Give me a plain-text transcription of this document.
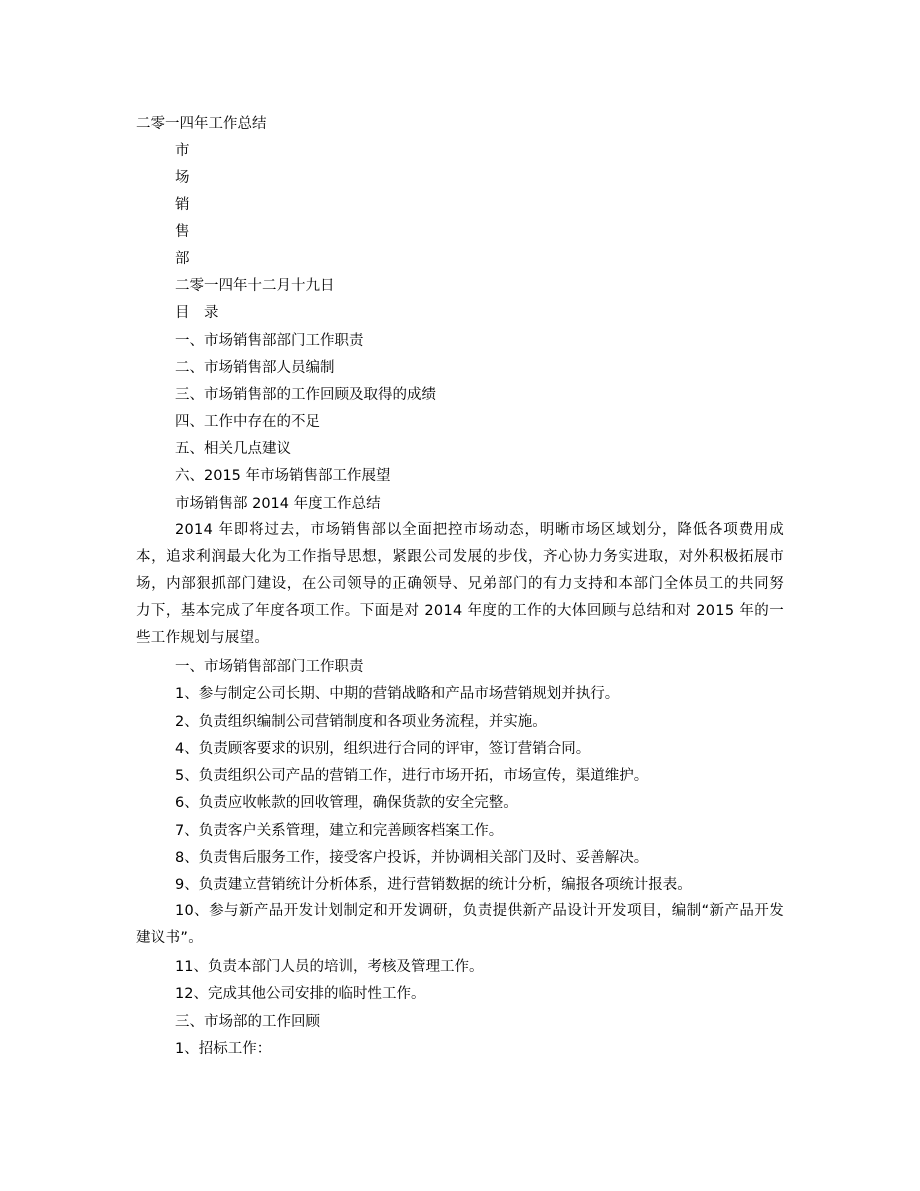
二零一四年工作总结
市
场
销
售
部
二零一四年十二月十九日
目　录
一、市场销售部部门工作职责
二、市场销售部人员编制
三、市场销售部的工作回顾及取得的成绩
四、工作中存在的不足
五、相关几点建议
六、2015 年市场销售部工作展望
市场销售部 2014 年度工作总结
2014 年即将过去，市场销售部以全面把控市场动态，明晰市场区域划分，降低各项费用成本，追求利润最大化为工作指导思想，紧跟公司发展的步伐，齐心协力务实进取，对外积极拓展市场，内部狠抓部门建设，在公司领导的正确领导、兄弟部门的有力支持和本部门全体员工的共同努力下，基本完成了年度各项工作。下面是对 2014 年度的工作的大体回顾与总结和对 2015 年的一些工作规划与展望。
一、市场销售部部门工作职责
1、参与制定公司长期、中期的营销战略和产品市场营销规划并执行。
2、负责组织编制公司营销制度和各项业务流程，并实施。
4、负责顾客要求的识别，组织进行合同的评审，签订营销合同。
5、负责组织公司产品的营销工作，进行市场开拓，市场宣传，渠道维护。
6、负责应收帐款的回收管理，确保货款的安全完整。
7、负责客户关系管理，建立和完善顾客档案工作。
8、负责售后服务工作，接受客户投诉，并协调相关部门及时、妥善解决。
9、负责建立营销统计分析体系，进行营销数据的统计分析，编报各项统计报表。
10、参与新产品开发计划制定和开发调研，负责提供新产品设计开发项目，编制“新产品开发建议书”。
11、负责本部门人员的培训，考核及管理工作。
12、完成其他公司安排的临时性工作。
三、市场部的工作回顾
1、招标工作：
